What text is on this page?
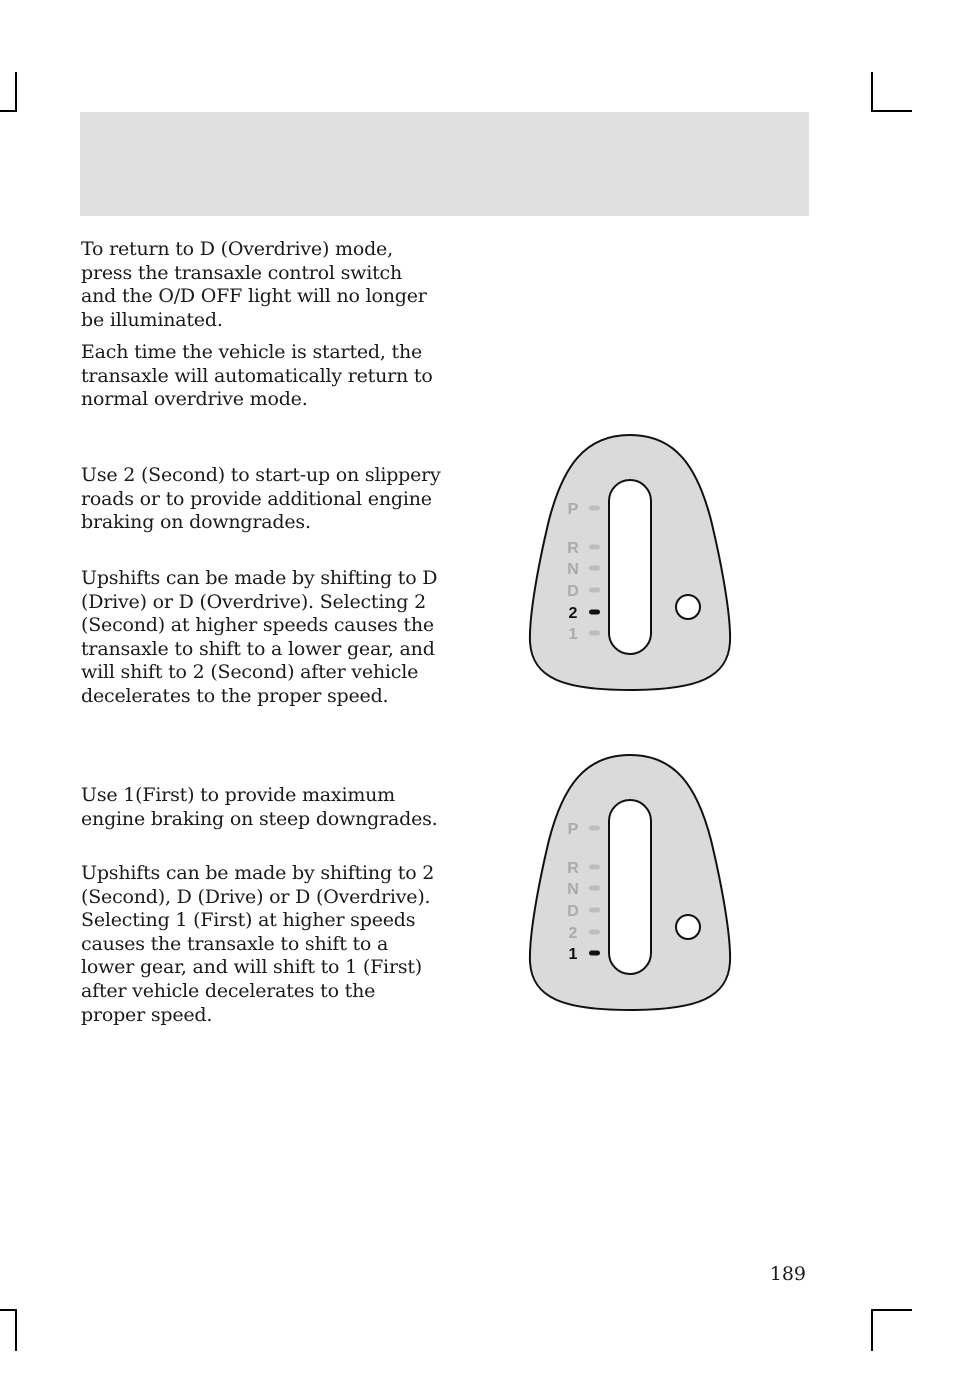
To return to D (Overdrive) mode, press the transaxle control switch and the O/D OFF light will no longer be illuminated.

Each time the vehicle is started, the transaxle will automatically return to normal overdrive mode.

Use 2 (Second) to start-up on slippery roads or to provide additional engine braking on downgrades.

Upshifts can be made by shifting to D (Drive) or D (Overdrive). Selecting 2 (Second) at higher speeds causes the transaxle to shift to a lower gear, and will shift to 2 (Second) after vehicle decelerates to the proper speed.

Use 1(First) to provide maximum engine braking on steep downgrades.

Upshifts can be made by shifting to 2 (Second), D (Drive) or D (Overdrive). Selecting 1 (First) at higher speeds causes the transaxle to shift to a lower gear, and will shift to 1 (First) after vehicle decelerates to the proper speed.

P
R
N
D
2
1
P
R
N
D
2
1
189
